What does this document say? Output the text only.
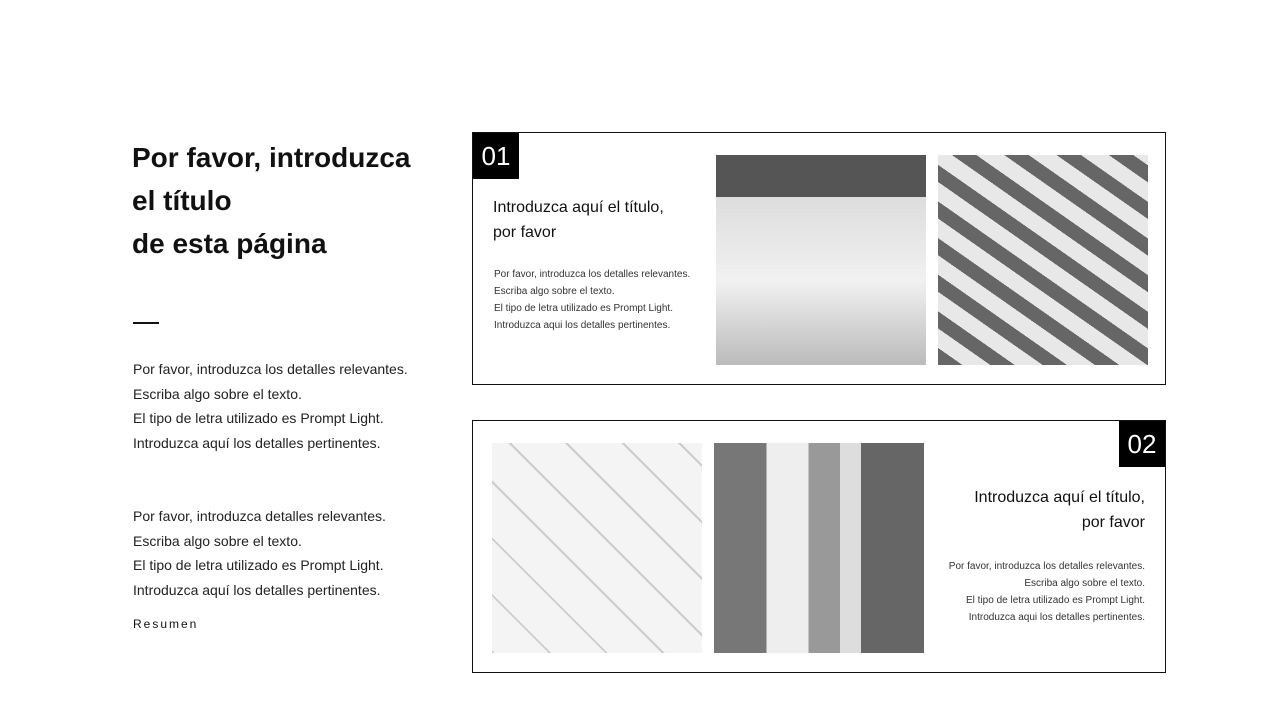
Por favor, introduzca
el título
de esta página
Por favor, introduzca los detalles relevantes.
Escriba algo sobre el texto.
El tipo de letra utilizado es Prompt Light.
Introduzca aquí los detalles pertinentes.
Por favor, introduzca detalles relevantes.
Escriba algo sobre el texto.
El tipo de letra utilizado es Prompt Light.
Introduzca aquí los detalles pertinentes.
Resumen
01
Introduzca aquí el título,
por favor
Por favor, introduzca los detalles relevantes.
Escriba algo sobre el texto.
El tipo de letra utilizado es Prompt Light.
Introduzca aqui los detalles pertinentes.
02
Introduzca aquí el título,
por favor
Por favor, introduzca los detalles relevantes.
Escriba algo sobre el texto.
El tipo de letra utilizado es Prompt Light.
Introduzca aqui los detalles pertinentes.
